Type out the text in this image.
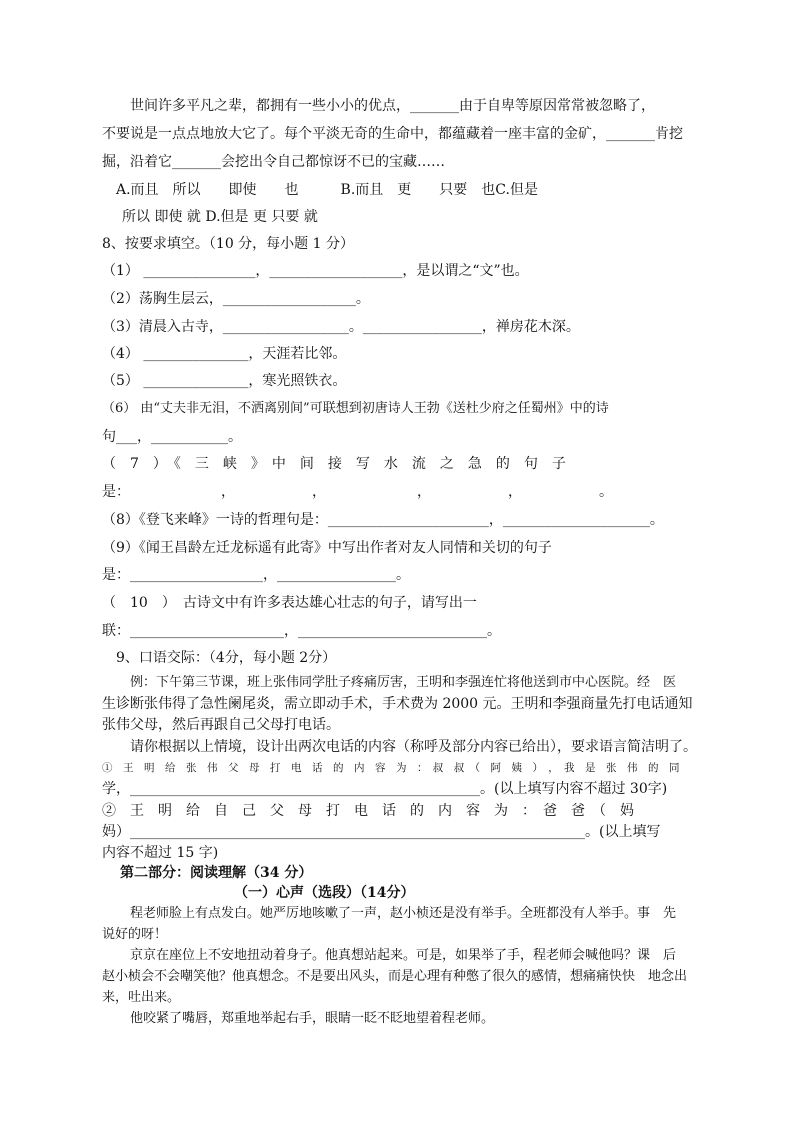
世间许多平凡之辈，都拥有一些小小的优点，_______由于自卑等原因常常被忽略了，
不要说是一点点地放大它了。每个平淡无奇的生命中，都蕴藏着一座丰富的金矿，_______肯挖
掘，沿着它_______会挖出令自己都惊讶不已的宝藏……
A.而且　所以　　即使　　也　　　B.而且　更　　只要　也C.但是
所以 即使 就 D.但是 更 只要 就
8、按要求填空。（10 分，每小题 1 分）
（1） ________________，___________________，是以谓之“文”也。
（2）荡胸生层云，___________________。
（3）清晨入古寺，__________________。_________________，禅房花木深。
（4） _______________，天涯若比邻。
（5） _______________，寒光照铁衣。
（6） 由“丈夫非无泪，不洒离别间”可联想到初唐诗人王勃《送杜少府之任蜀州》中的诗
句___，___________。
（　7　）　《　三　峡　》　中　间　接　写　水　流　之　急　的　句　子
是：　　　　　　　，　　　　　　，　　　　　　　，　　　　　　，　　　　　　。
（8）《登飞来峰》一诗的哲理句是：_______________________，_____________________。
（9）《闻王昌龄左迁龙标遥有此寄》中写出作者对友人同情和关切的句子
是：___________________，_________________。
（　10　）　古诗文中有许多表达雄心壮志的句子，请写出一
联：______________________，___________________________。
9、口语交际：（4分，每小题 2分）
例：下午第三节课，班上张伟同学肚子疼痛厉害，王明和李强连忙将他送到市中心医院。经　医
生诊断张伟得了急性阑尾炎，需立即动手术，手术费为 2000 元。王明和李强商量先打电话通知
张伟父母，然后再跟自己父母打电话。
请你根据以上情境，设计出两次电话的内容（称呼及部分内容已给出），要求语言简洁明了。
①　王　明　给　张　伟　父　母　打　电　话　的　内　容　为　：　叔　叔　（　阿　姨　）　，　我　是　张　伟　的　同
学，__________________________________________________。(以上填写内容不超过 30字)
②　王　明　给　自　己　父　母　打　电　话　的　内　容　为　：　爸　爸　（　妈
妈）_________________________________________________________________。(以上填写
内容不超过 15 字)
第二部分：阅读理解（34 分）
（一）心声（选段）（14分）
程老师脸上有点发白。她严厉地咳嗽了一声，赵小桢还是没有举手。全班都没有人举手。事　先
说好的呀！
京京在座位上不安地扭动着身子。他真想站起来。可是，如果举了手，程老师会喊他吗？课　后
赵小桢会不会嘲笑他？他真想念。不是要出风头，而是心理有种憋了很久的感情，想痛痛快快　地念出
来，吐出来。
他咬紧了嘴唇，郑重地举起右手，眼睛一眨不眨地望着程老师。
